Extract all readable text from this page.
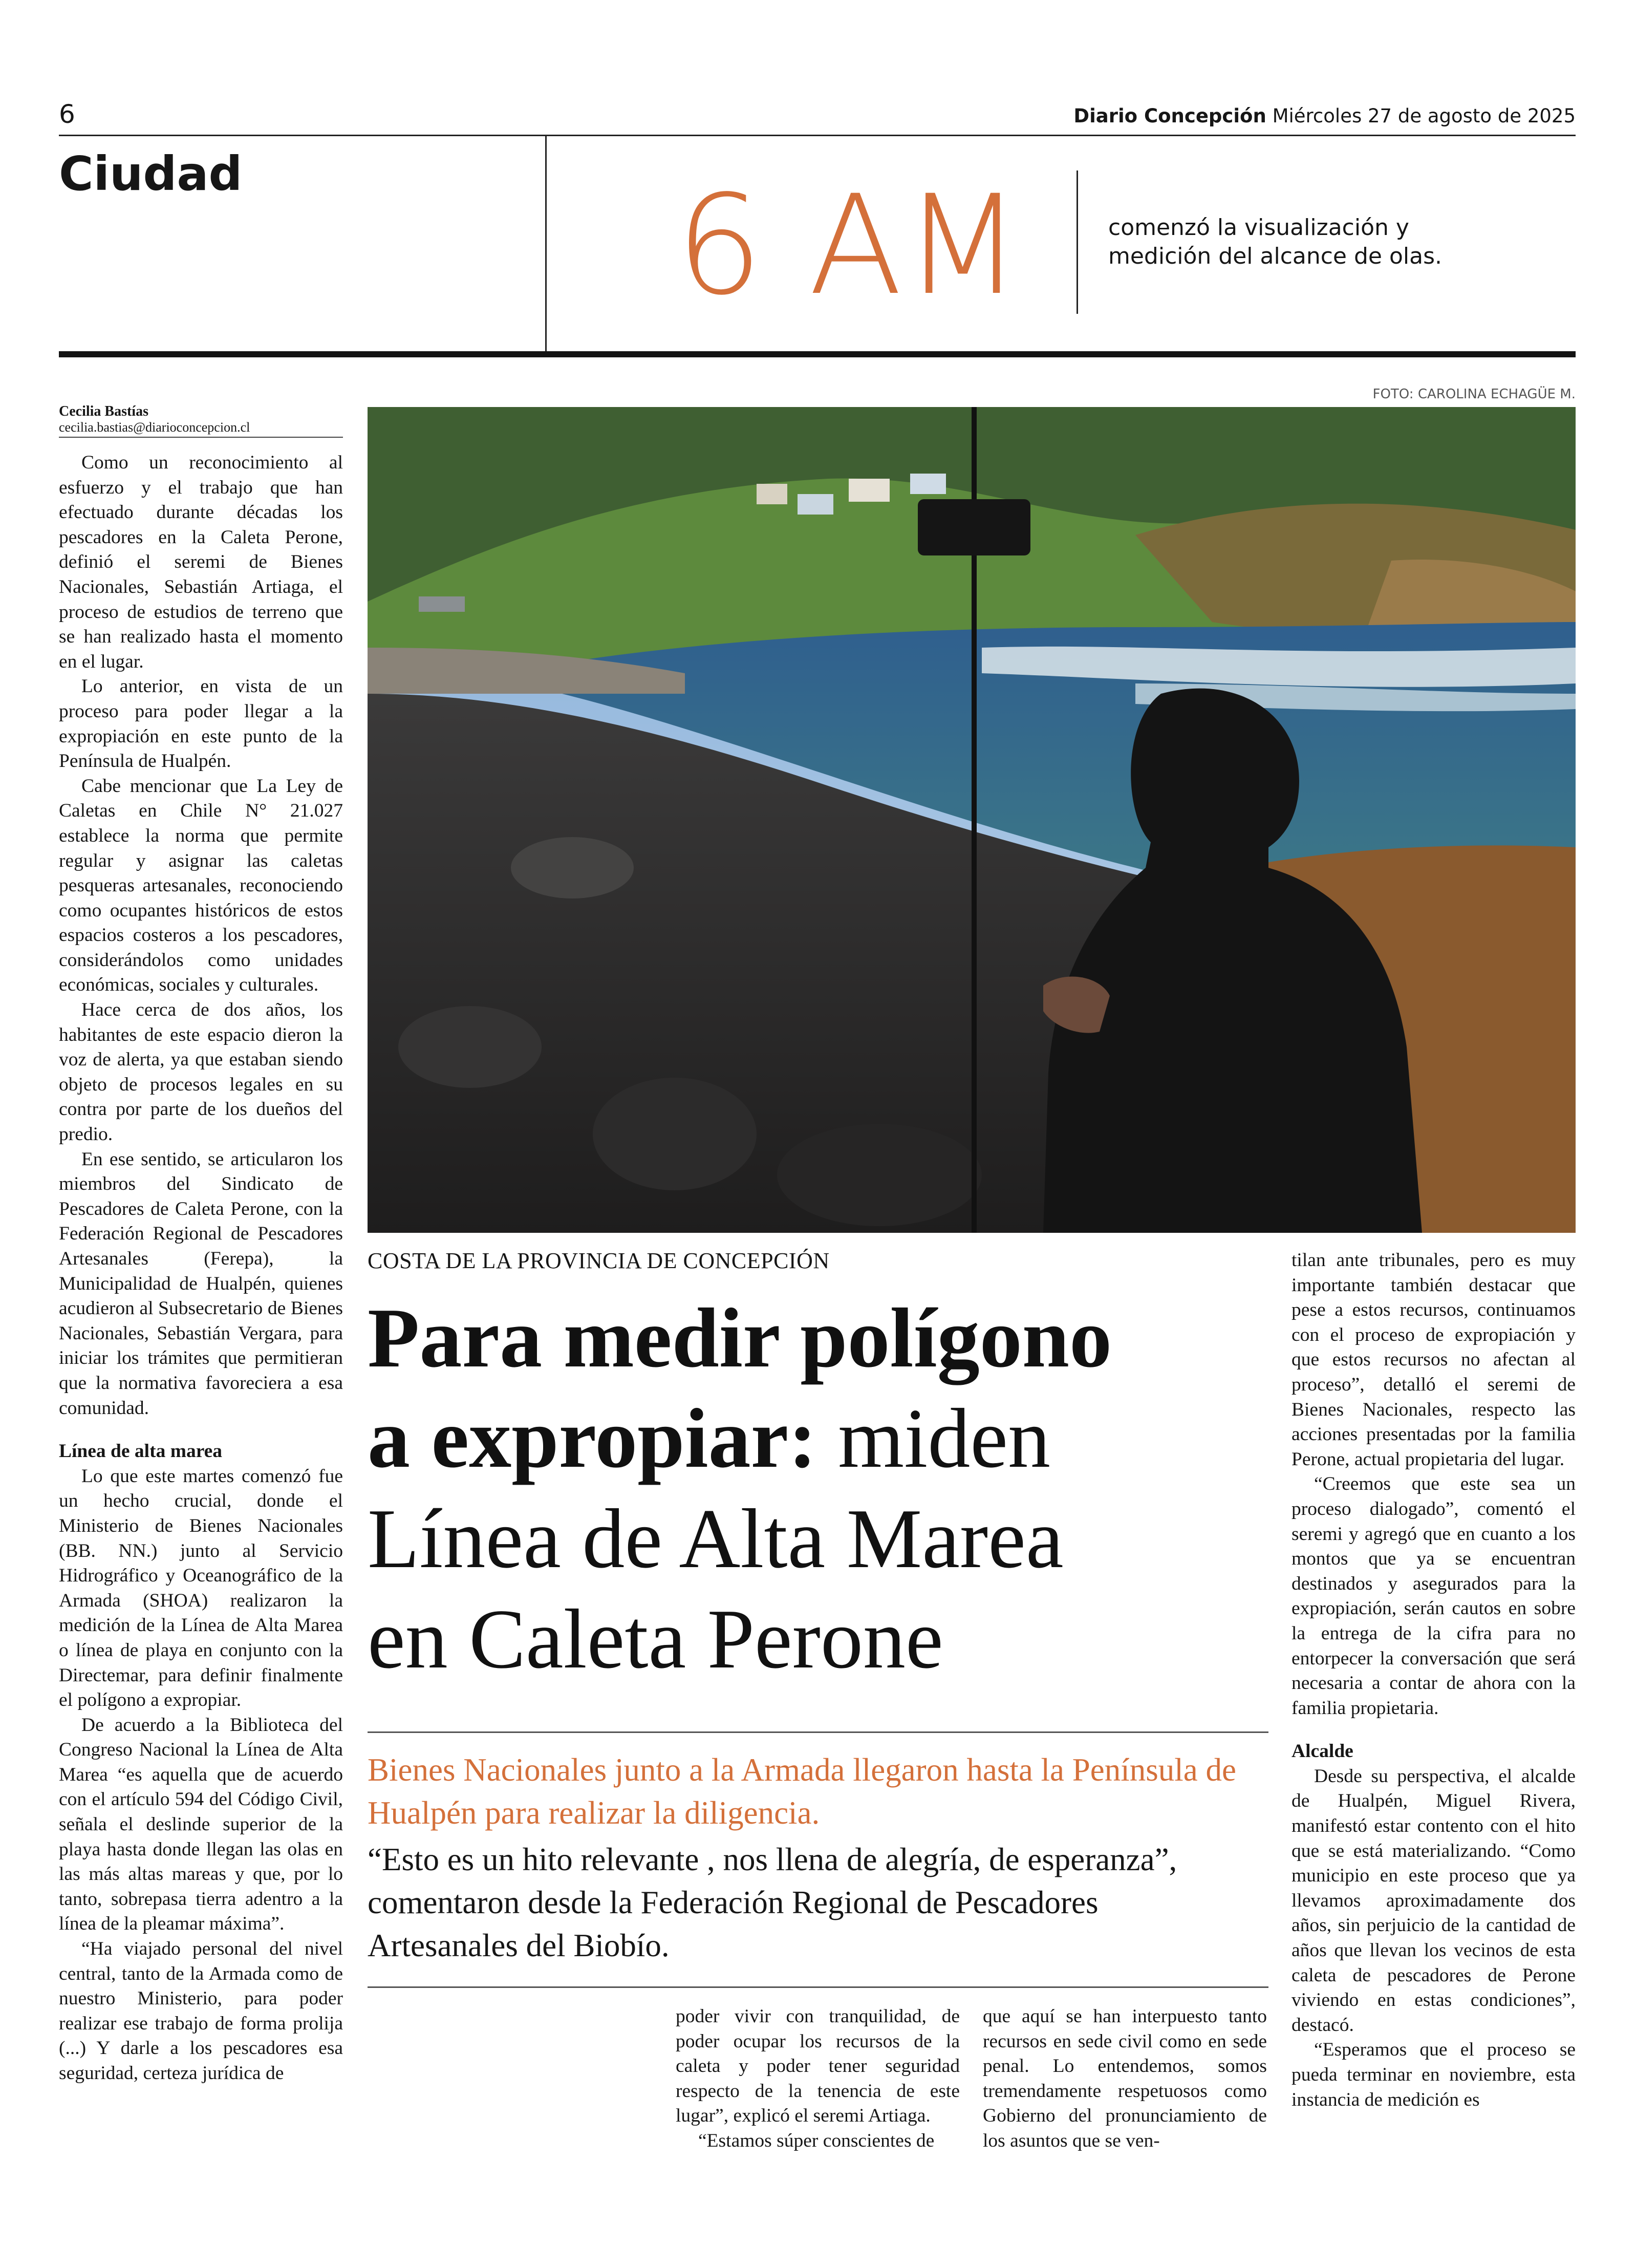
6	Diario Concepción Miércoles 27 de agosto de 2025
Ciudad	6 AM	comenzó la visualización y medición del alcance de olas.
Cecilia Bastías
cecilia.bastias@diarioconcepcion.cl
FOTO: CAROLINA ECHAGÜE M.
COSTA DE LA PROVINCIA DE CONCEPCIÓN
Para medir polígono
a expropiar: miden
Línea de Alta Marea
en Caleta Perone
Bienes Nacionales junto a la Armada llegaron hasta la Península de Hualpén para realizar la diligencia.
“Esto es un hito relevante , nos llena de alegría, de esperanza”, comentaron desde la Federación Regional de Pescadores Artesanales del Biobío.

Como un reconocimiento al esfuerzo y el trabajo que han efectuado durante décadas los pescadores en la Caleta Perone, definió el seremi de Bienes Nacionales, Sebastián Artiaga, el proceso de estudios de terreno que se han realizado hasta el momento en el lugar.

Lo anterior, en vista de un proceso para poder llegar a la expropiación en este punto de la Península de Hualpén.

Cabe mencionar que La Ley de Caletas en Chile N° 21.027 establece la norma que permite regular y asignar las caletas pesqueras artesanales, reconociendo como ocupantes históricos de estos espacios costeros a los pescadores, considerándolos como unidades económicas, sociales y culturales.

Hace cerca de dos años, los habitantes de este espacio dieron la voz de alerta, ya que estaban siendo objeto de procesos legales en su contra por parte de los dueños del predio.

En ese sentido, se articularon los miembros del Sindicato de Pescadores de Caleta Perone, con la Federación Regional de Pescadores Artesanales (Ferepa), la Municipalidad de Hualpén, quienes acudieron al Subsecretario de Bienes Nacionales, Sebastián Vergara, para iniciar los trámites que permitieran que la normativa favoreciera a esa comunidad.

Línea de alta marea

Lo que este martes comenzó fue un hecho crucial, donde el Ministerio de Bienes Nacionales (BB. NN.) junto al Servicio Hidrográfico y Oceanográfico de la Armada (SHOA) realizaron la medición de la Línea de Alta Marea o línea de playa en conjunto con la Directemar, para definir finalmente el polígono a expropiar.

De acuerdo a la Biblioteca del Congreso Nacional la Línea de Alta Marea “es aquella que de acuerdo con el artículo 594 del Código Civil, señala el deslinde superior de la playa hasta donde llegan las olas en las más altas mareas y que, por lo tanto, sobrepasa tierra adentro a la línea de la pleamar máxima”.

“Ha viajado personal del nivel central, tanto de la Armada como de nuestro Ministerio, para poder realizar ese trabajo de forma prolija (...) Y darle a los pescadores esa seguridad, certeza jurídica de

poder vivir con tranquilidad, de poder ocupar los recursos de la caleta y poder tener seguridad respecto de la tenencia de este lugar”, explicó el seremi Artiaga.

“Estamos súper conscientes de

que aquí se han interpuesto tanto recursos en sede civil como en sede penal. Lo entendemos, somos tremendamente respetuosos como Gobierno del pronunciamiento de los asuntos que se ven-

tilan ante tribunales, pero es muy importante también destacar que pese a estos recursos, continuamos con el proceso de expropiación y que estos recursos no afectan al proceso”, detalló el seremi de Bienes Nacionales, respecto las acciones presentadas por la familia Perone, actual propietaria del lugar.

“Creemos que este sea un proceso dialogado”, comentó el seremi y agregó que en cuanto a los montos que ya se encuentran destinados y asegurados para la expropiación, serán cautos en sobre la entrega de la cifra para no entorpecer la conversación que será necesaria a contar de ahora con la familia propietaria.

Alcalde

Desde su perspectiva, el alcalde de Hualpén, Miguel Rivera, manifestó estar contento con el hito que se está materializando. “Como municipio en este proceso que ya llevamos aproximadamente dos años, sin perjuicio de la cantidad de años que llevan los vecinos de esta caleta de pescadores de Perone viviendo en estas condiciones”, destacó.

“Esperamos que el proceso se pueda terminar en noviembre, esta instancia de medición es
